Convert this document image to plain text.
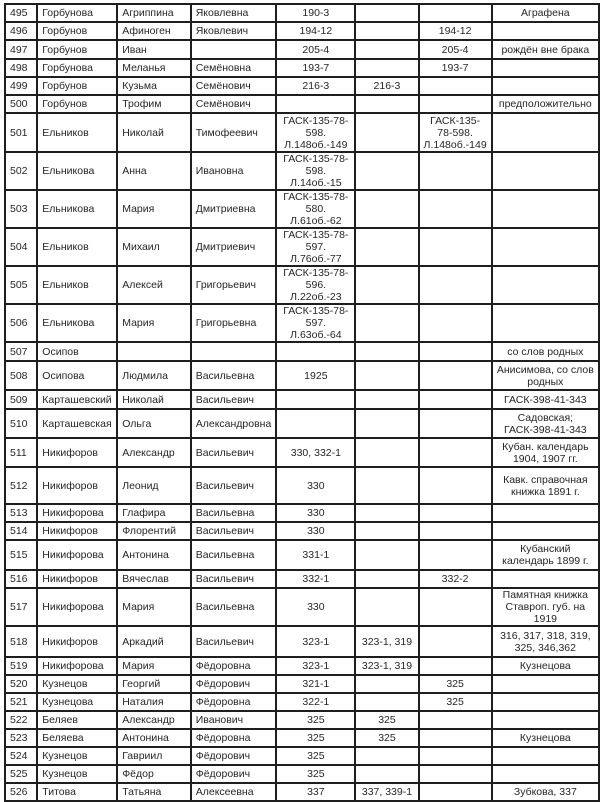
495	Горбунова	Агриппина	Яковлевна	190-3			Аграфена
496	Горбунов	Афиноген	Яковлевич	194-12		194-12	
497	Горбунов	Иван		205-4		205-4	рождён вне брака
498	Горбунова	Меланья	Семёновна	193-7		193-7	
499	Горбунов	Кузьма	Семёнович	216-3	216-3		
500	Горбунов	Трофим	Семёнович				предположительно
501	Ельников	Николай	Тимофеевич	ГАСК-135-78-598. Л.148об.-149		ГАСК-135-78-598. Л.148об.-149	
502	Ельникова	Анна	Ивановна	ГАСК-135-78-598. Л.14об.-15			
503	Ельникова	Мария	Дмитриевна	ГАСК-135-78-580. Л.61об.-62			
504	Ельников	Михаил	Дмитриевич	ГАСК-135-78-597. Л.76об.-77			
505	Ельников	Алексей	Григорьевич	ГАСК-135-78-596. Л.22об.-23			
506	Ельникова	Мария	Григорьевна	ГАСК-135-78-597. Л.63об.-64			
507	Осипов						со слов родных
508	Осипова	Людмила	Васильевна	1925			Анисимова, со слов родных
509	Карташевский	Николай	Васильевич				ГАСК-398-41-343
510	Карташевская	Ольга	Александровна				Садовская; ГАСК-398-41-343
511	Никифоров	Александр	Васильевич	330, 332-1			Кубан. календарь 1904, 1907 гг.
512	Никифоров	Леонид	Васильевич	330			Кавк. справочная книжка 1891 г.
513	Никифорова	Глафира	Васильевна	330			
514	Никифоров	Флорентий	Васильевич	330			
515	Никифорова	Антонина	Васильевна	331-1			Кубанский календарь 1899 г.
516	Никифоров	Вячеслав	Васильевич	332-1		332-2	
517	Никифорова	Мария	Васильевна	330			Памятная книжка Ставроп. губ. на 1919
518	Никифоров	Аркадий	Васильевич	323-1	323-1, 319		316, 317, 318, 319, 325, 346,362
519	Никифорова	Мария	Фёдоровна	323-1	323-1, 319		Кузнецова
520	Кузнецов	Георгий	Фёдорович	321-1		325	
521	Кузнецова	Наталия	Фёдоровна	322-1		325	
522	Беляев	Александр	Иванович	325	325		
523	Беляева	Антонина	Фёдоровна	325	325		Кузнецова
524	Кузнецов	Гавриил	Фёдорович	325			
525	Кузнецов	Фёдор	Фёдорович	325			
526	Титова	Татьяна	Алексеевна	337	337, 339-1		Зубкова, 337
